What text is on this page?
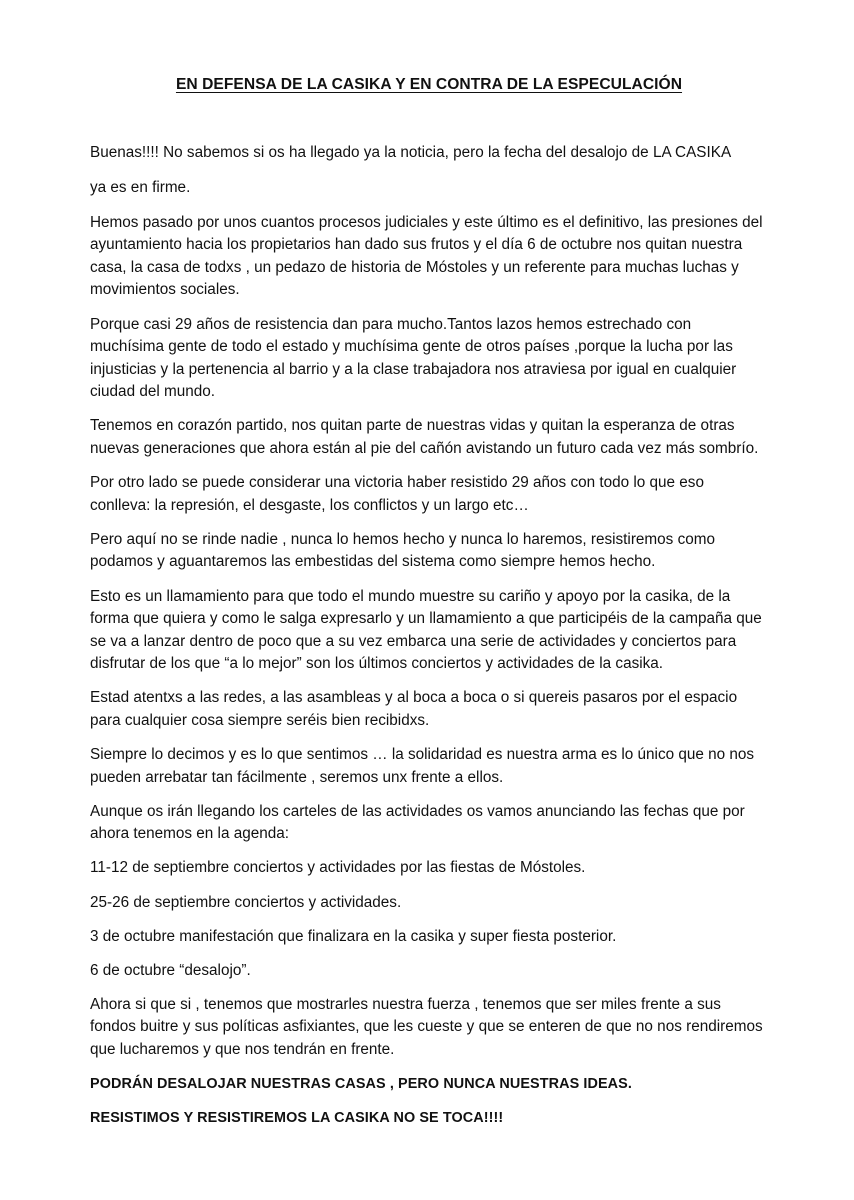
EN DEFENSA DE LA CASIKA Y EN CONTRA DE LA ESPECULACIÓN

Buenas!!!! No sabemos si os ha llegado ya la noticia, pero la fecha del desalojo de LA CASIKA

ya es en firme.

Hemos pasado por unos cuantos procesos judiciales y este último es el definitivo, las presiones del ayuntamiento hacia los propietarios han dado sus frutos y el día 6 de octubre nos quitan nuestra casa, la casa de todxs , un pedazo de historia de Móstoles y un referente para muchas luchas y movimientos sociales.

Porque casi 29 años de resistencia dan para mucho.Tantos lazos hemos estrechado con muchísima gente de todo el estado y muchísima gente de otros países ,porque la lucha por las injusticias y la pertenencia al barrio y a la clase trabajadora nos atraviesa por igual en cualquier ciudad del mundo.

Tenemos en corazón partido, nos quitan parte de nuestras vidas y quitan la esperanza de otras nuevas generaciones que ahora están al pie del cañón avistando un futuro cada vez más sombrío.

Por otro lado se puede considerar una victoria haber resistido 29 años con todo lo que eso conlleva: la represión, el desgaste, los conflictos y un largo etc…

Pero aquí no se rinde nadie , nunca lo hemos hecho y nunca lo haremos, resistiremos como podamos y aguantaremos las embestidas del sistema como siempre hemos hecho.

Esto es un llamamiento para que todo el mundo muestre su cariño y apoyo por la casika, de la forma que quiera y como le salga expresarlo y un llamamiento a que participéis de la campaña que se va a lanzar dentro de poco que a su vez embarca una serie de actividades y conciertos para disfrutar de los que “a lo mejor” son los últimos conciertos y actividades de la casika.

Estad atentxs a las redes, a las asambleas y al boca a boca o si quereis pasaros por el espacio para cualquier cosa siempre seréis bien recibidxs.

Siempre lo decimos y es lo que sentimos … la solidaridad es nuestra arma es lo único que no nos pueden arrebatar tan fácilmente , seremos unx frente a ellos.

Aunque os irán llegando los carteles de las actividades os vamos anunciando las fechas que por ahora tenemos en la agenda:

11-12 de septiembre conciertos y actividades por las fiestas de Móstoles.

25-26 de septiembre conciertos y actividades.

3 de octubre manifestación que finalizara en la casika y super fiesta posterior.

6 de octubre “desalojo”.

Ahora si que si , tenemos que mostrarles nuestra fuerza , tenemos que ser miles frente a sus fondos buitre y sus políticas asfixiantes, que les cueste y que se enteren de que no nos rendiremos que lucharemos y que nos tendrán en frente.

PODRÁN DESALOJAR NUESTRAS CASAS , PERO NUNCA NUESTRAS IDEAS.

RESISTIMOS Y RESISTIREMOS LA CASIKA NO SE TOCA!!!!
